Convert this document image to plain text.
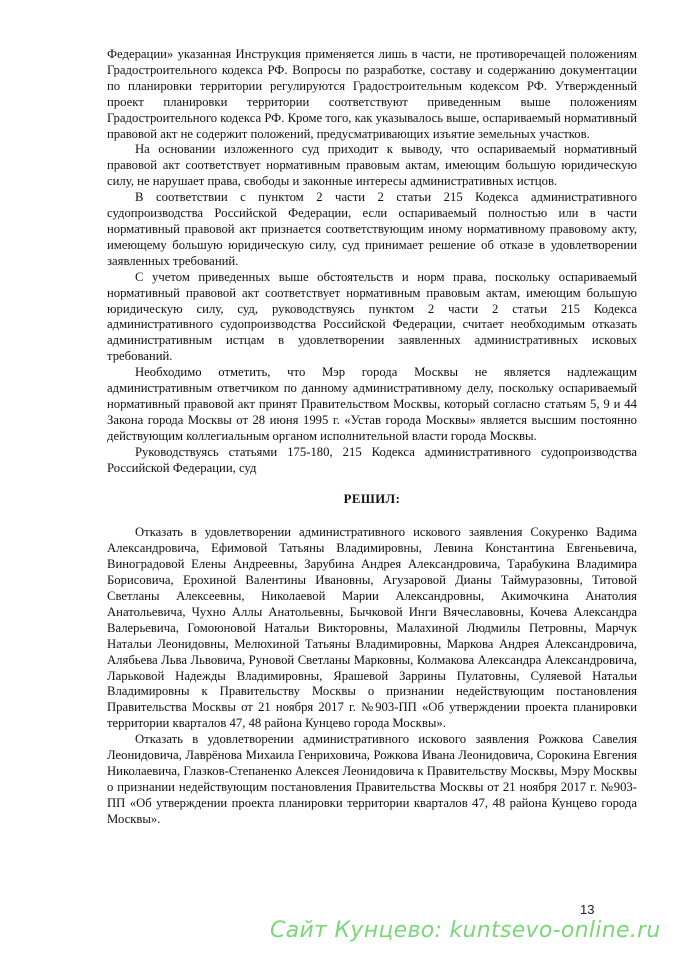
Федерации» указанная Инструкция применяется лишь в части, не противоречащей положениям Градостроительного кодекса РФ. Вопросы по разработке, составу и содержанию документации по планировки территории регулируются Градостроительным кодексом РФ. Утвержденный проект планировки территории соответствуют приведенным выше положениям Градостроительного кодекса РФ. Кроме того, как указывалось выше, оспариваемый нормативный правовой акт не содержит положений, предусматривающих изъятие земельных участков.

На основании изложенного суд приходит к выводу, что оспариваемый нормативный правовой акт соответствует нормативным правовым актам, имеющим большую юридическую силу, не нарушает права, свободы и законные интересы административных истцов.

В соответствии с пунктом 2 части 2 статьи 215 Кодекса административного судопроизводства Российской Федерации, если оспариваемый полностью или в части нормативный правовой акт признается соответствующим иному нормативному правовому акту, имеющему большую юридическую силу, суд принимает решение об отказе в удовлетворении заявленных требований.

С учетом приведенных выше обстоятельств и норм права, поскольку оспариваемый нормативный правовой акт соответствует нормативным правовым актам, имеющим большую юридическую силу, суд, руководствуясь пунктом 2 части 2 статьи 215 Кодекса административного судопроизводства Российской Федерации, считает необходимым отказать административным истцам в удовлетворении заявленных административных исковых требований.

Необходимо отметить, что Мэр города Москвы не является надлежащим административным ответчиком по данному административному делу, поскольку оспариваемый нормативный правовой акт принят Правительством Москвы, который согласно статьям 5, 9 и 44 Закона города Москвы от 28 июня 1995 г. «Устав города Москвы» является высшим постоянно действующим коллегиальным органом исполнительной власти города Москвы.

Руководствуясь статьями 175-180, 215 Кодекса административного судопроизводства Российской Федерации, суд

РЕШИЛ:

Отказать в удовлетворении административного искового заявления Сокуренко Вадима Александровича, Ефимовой Татьяны Владимировны, Левина Константина Евгеньевича, Виноградовой Елены Андреевны, Зарубина Андрея Александровича, Тарабукина Владимира Борисовича, Ерохиной Валентины Ивановны, Агузаровой Дианы Таймуразовны, Титовой Светланы Алексеевны, Николаевой Марии Александровны, Акимочкина Анатолия Анатольевича, Чухно Аллы Анатольевны, Бычковой Инги Вячеславовны, Кочева Александра Валерьевича, Гомоюновой Натальи Викторовны, Малахиной Людмилы Петровны, Марчук Натальи Леонидовны, Мелюхиной Татьяны Владимировны, Маркова Андрея Александровича, Алябьева Льва Львовича, Руновой Светланы Марковны, Колмакова Александра Александровича, Ларьковой Надежды Владимировны, Ярашевой Заррины Пулатовны, Суляевой Натальи Владимировны к Правительству Москвы о признании недействующим постановления Правительства Москвы от 21 ноября 2017 г. №903-ПП «Об утверждении проекта планировки территории кварталов 47, 48 района Кунцево города Москвы».

Отказать в удовлетворении административного искового заявления Рожкова Савелия Леонидовича, Лаврёнова Михаила Генриховича, Рожкова Ивана Леонидовича, Сорокина Евгения Николаевича, Глазков-Степаненко Алексея Леонидовича к Правительству Москвы, Мэру Москвы о признании недействующим постановления Правительства Москвы от 21 ноября 2017 г. №903-ПП «Об утверждении проекта планировки территории кварталов 47, 48 района Кунцево города Москвы».

13
Сайт Кунцево: kuntsevo-online.ru
